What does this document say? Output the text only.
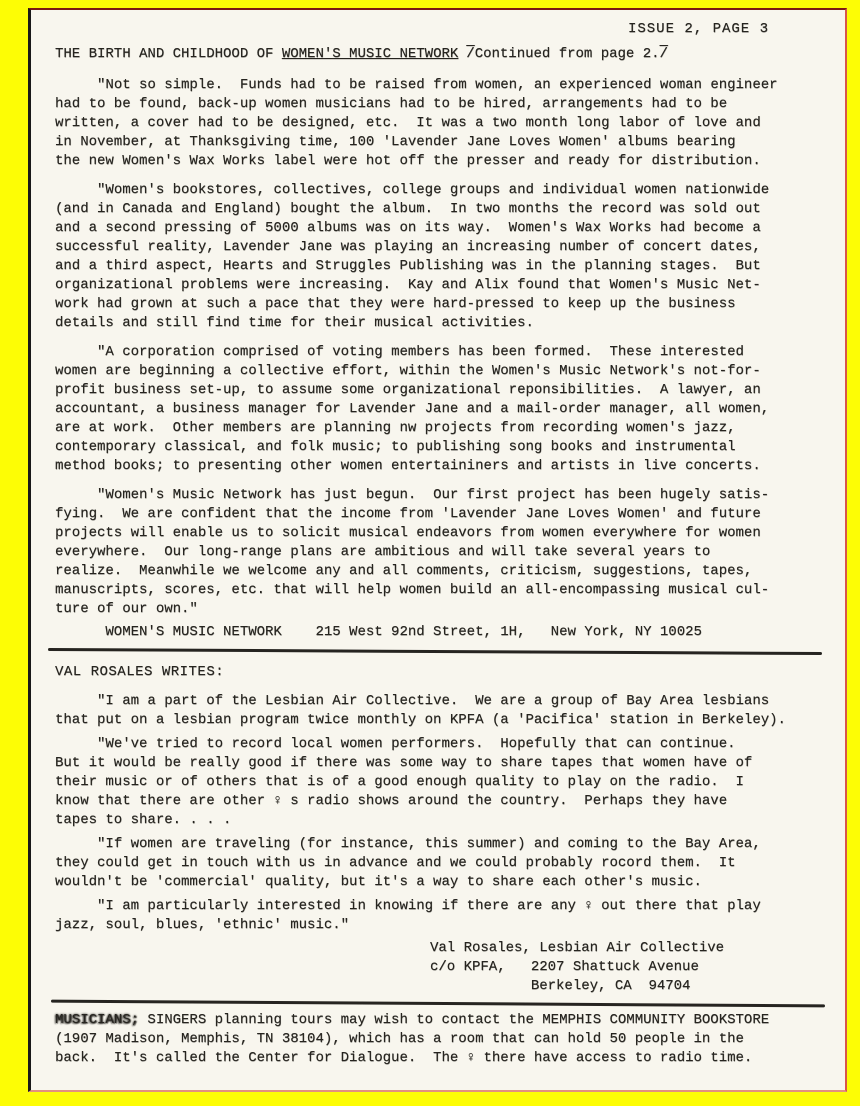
ISSUE 2, PAGE 3
THE BIRTH AND CHILDHOOD OF WOMEN'S MUSIC NETWORK /Continued from page 2./

"Not so simple.  Funds had to be raised from women, an experienced woman engineer
had to be found, back-up women musicians had to be hired, arrangements had to be
written, a cover had to be designed, etc.  It was a two month long labor of love and
in November, at Thanksgiving time, 100 'Lavender Jane Loves Women' albums bearing
the new Women's Wax Works label were hot off the presser and ready for distribution.

"Women's bookstores, collectives, college groups and individual women nationwide
(and in Canada and England) bought the album.  In two months the record was sold out
and a second pressing of 5000 albums was on its way.  Women's Wax Works had become a
successful reality, Lavender Jane was playing an increasing number of concert dates,
and a third aspect, Hearts and Struggles Publishing was in the planning stages.  But
organizational problems were increasing.  Kay and Alix found that Women's Music Net-
work had grown at such a pace that they were hard-pressed to keep up the business
details and still find time for their musical activities.

"A corporation comprised of voting members has been formed.  These interested
women are beginning a collective effort, within the Women's Music Network's not-for-
profit business set-up, to assume some organizational reponsibilities.  A lawyer, an
accountant, a business manager for Lavender Jane and a mail-order manager, all women,
are at work.  Other members are planning nw projects from recording women's jazz,
contemporary classical, and folk music; to publishing song books and instrumental
method books; to presenting other women entertaininers and artists in live concerts.

"Women's Music Network has just begun.  Our first project has been hugely satis-
fying.  We are confident that the income from 'Lavender Jane Loves Women' and future
projects will enable us to solicit musical endeavors from women everywhere for women
everywhere.  Our long-range plans are ambitious and will take several years to
realize.  Meanwhile we welcome any and all comments, criticism, suggestions, tapes,
manuscripts, scores, etc. that will help women build an all-encompassing musical cul-
ture of our own."

WOMEN'S MUSIC NETWORK    215 West 92nd Street, 1H,   New York, NY 10025
VAL ROSALES WRITES:

"I am a part of the Lesbian Air Collective.  We are a group of Bay Area lesbians
that put on a lesbian program twice monthly on KPFA (a 'Pacifica' station in Berkeley).

"We've tried to record local women performers.  Hopefully that can continue.
But it would be really good if there was some way to share tapes that women have of
their music or of others that is of a good enough quality to play on the radio.  I
know that there are other ♀ s radio shows around the country.  Perhaps they have
tapes to share. . . .

"If women are traveling (for instance, this summer) and coming to the Bay Area,
they could get in touch with us in advance and we could probably rocord them.  It
wouldn't be 'commercial' quality, but it's a way to share each other's music.

"I am particularly interested in knowing if there are any ♀ out there that play
jazz, soul, blues, 'ethnic' music."

Val Rosales, Lesbian Air Collective
c/o KPFA,   2207 Shattuck Avenue
Berkeley, CA  94704

MUSICIANS; SINGERS planning tours may wish to contact the MEMPHIS COMMUNITY BOOKSTORE
(1907 Madison, Memphis, TN 38104), which has a room that can hold 50 people in the
back.  It's called the Center for Dialogue.  The ♀ there have access to radio time.
